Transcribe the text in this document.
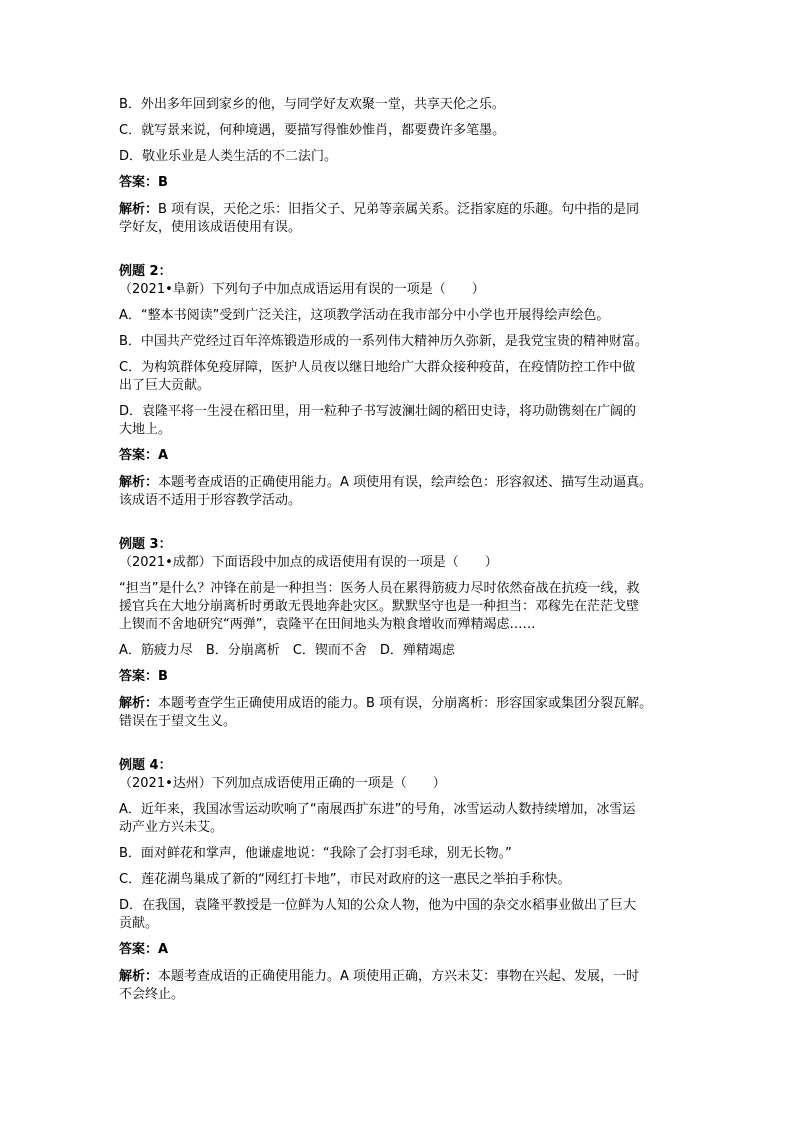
B．外出多年回到家乡的他，与同学好友欢聚一堂，共享天伦之乐。
C．就写景来说，何种境遇，要描写得惟妙惟肖，都要费许多笔墨。
D．敬业乐业是人类生活的不二法门。
答案：B
解析：B 项有误，天伦之乐：旧指父子、兄弟等亲属关系。泛指家庭的乐趣。句中指的是同
学好友，使用该成语使用有误。
例题 2：
（2021•阜新）下列句子中加点成语运用有误的一项是（　　）
A．“整本书阅读”受到广泛关注，这项教学活动在我市部分中小学也开展得绘声绘色。
B．中国共产党经过百年淬炼锻造形成的一系列伟大精神历久弥新，是我党宝贵的精神财富。
C．为构筑群体免疫屏障，医护人员夜以继日地给广大群众接种疫苗，在疫情防控工作中做
出了巨大贡献。
D．袁隆平将一生浸在稻田里，用一粒种子书写波澜壮阔的稻田史诗，将功勋镌刻在广阔的
大地上。
答案：A
解析：本题考查成语的正确使用能力。A 项使用有误，绘声绘色：形容叙述、描写生动逼真。
该成语不适用于形容教学活动。
例题 3：
（2021•成都）下面语段中加点的成语使用有误的一项是（　　）
“担当”是什么？冲锋在前是一种担当：医务人员在累得筋疲力尽时依然奋战在抗疫一线，救
援官兵在大地分崩离析时勇敢无畏地奔赴灾区。默默坚守也是一种担当：邓稼先在茫茫戈壁
上锲而不舍地研究“两弹”，袁隆平在田间地头为粮食增收而殚精竭虑……
A．筋疲力尽　B．分崩离析　C．锲而不舍　D．殚精竭虑
答案：B
解析：本题考查学生正确使用成语的能力。B 项有误，分崩离析：形容国家或集团分裂瓦解。
错误在于望文生义。
例题 4：
（2021•达州）下列加点成语使用正确的一项是（　　）
A．近年来，我国冰雪运动吹响了“南展西扩东进”的号角，冰雪运动人数持续增加，冰雪运
动产业方兴未艾。
B．面对鲜花和掌声，他谦虚地说：“我除了会打羽毛球，别无长物。”
C．莲花湖鸟巢成了新的“网红打卡地”，市民对政府的这一惠民之举拍手称快。
D．在我国，袁隆平教授是一位鲜为人知的公众人物，他为中国的杂交水稻事业做出了巨大
贡献。
答案：A
解析：本题考查成语的正确使用能力。A 项使用正确，方兴未艾：事物在兴起、发展，一时
不会终止。
